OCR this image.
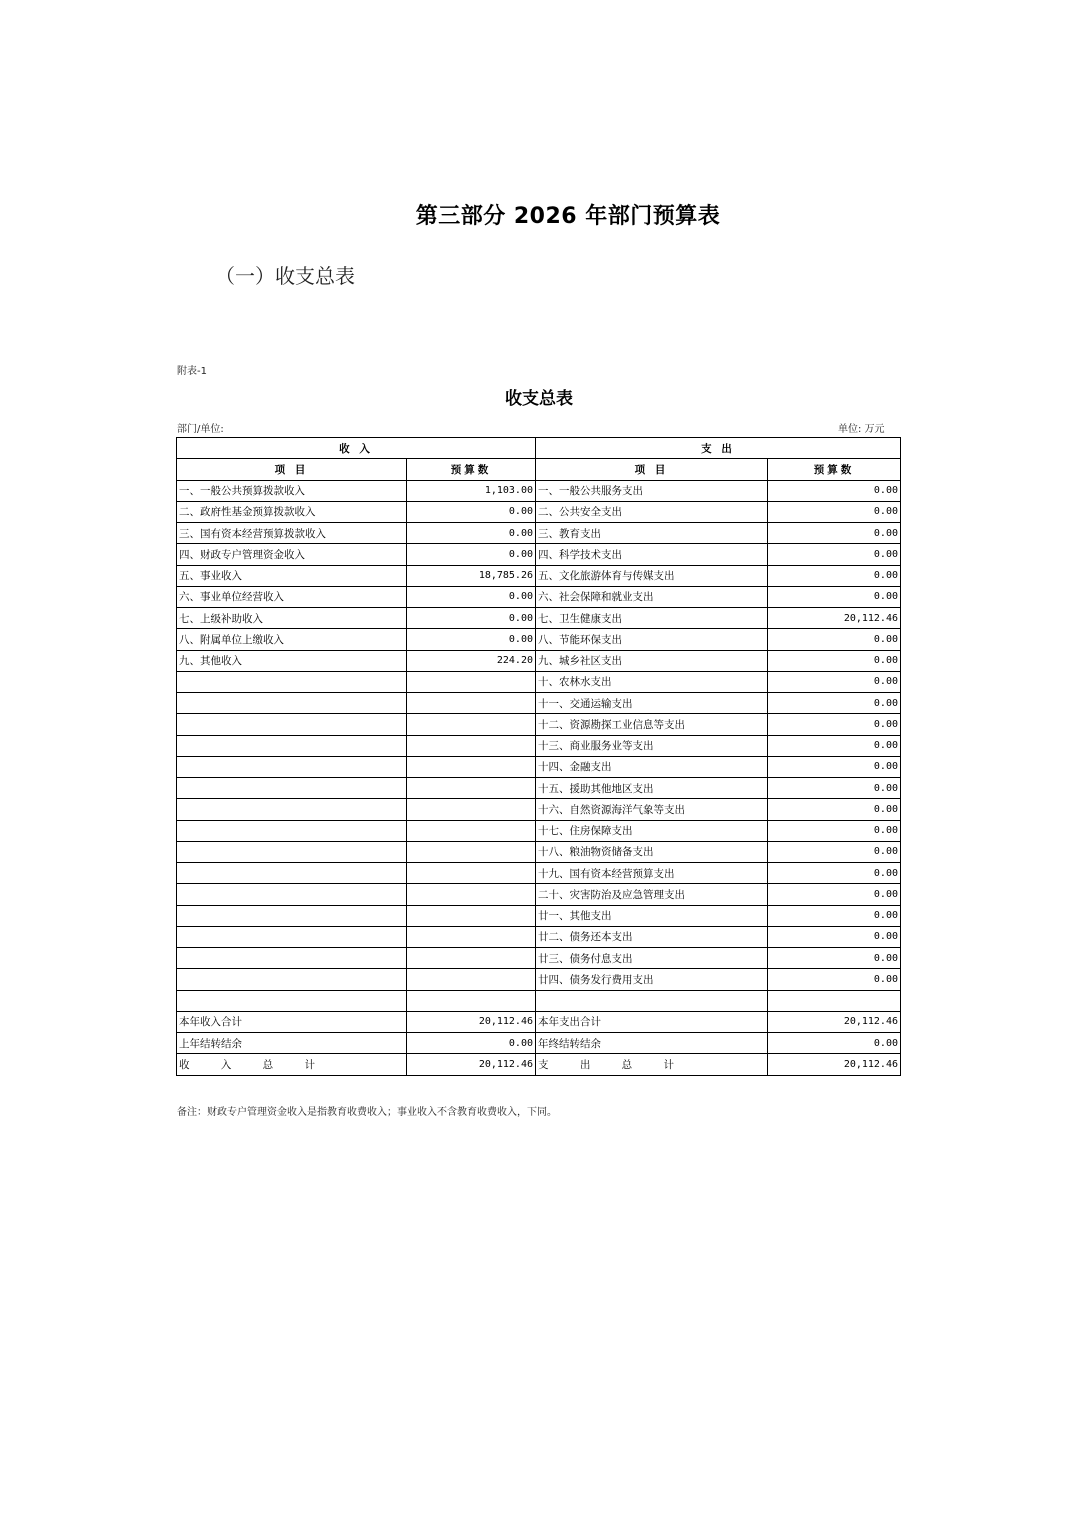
第三部分 2026 年部门预算表
（一）收支总表
附表-1
收支总表
部门/单位:	单位: 万元
收 入		支 出	
项 目	预算数	项 目	预算数
一、一般公共预算拨款收入	1,103.00	一、一般公共服务支出	0.00
二、政府性基金预算拨款收入	0.00	二、公共安全支出	0.00
三、国有资本经营预算拨款收入	0.00	三、教育支出	0.00
四、财政专户管理资金收入	0.00	四、科学技术支出	0.00
五、事业收入	18,785.26	五、文化旅游体育与传媒支出	0.00
六、事业单位经营收入	0.00	六、社会保障和就业支出	0.00
七、上级补助收入	0.00	七、卫生健康支出	20,112.46
八、附属单位上缴收入	0.00	八、节能环保支出	0.00
九、其他收入	224.20	九、城乡社区支出	0.00
		十、农林水支出	0.00
		十一、交通运输支出	0.00
		十二、资源勘探工业信息等支出	0.00
		十三、商业服务业等支出	0.00
		十四、金融支出	0.00
		十五、援助其他地区支出	0.00
		十六、自然资源海洋气象等支出	0.00
		十七、住房保障支出	0.00
		十八、粮油物资储备支出	0.00
		十九、国有资本经营预算支出	0.00
		二十、灾害防治及应急管理支出	0.00
		廿一、其他支出	0.00
		廿二、债务还本支出	0.00
		廿三、债务付息支出	0.00
		廿四、债务发行费用支出	0.00

本年收入合计	20,112.46	本年支出合计	20,112.46
上年结转结余	0.00	年终结转结余	0.00
收 入 总 计	20,112.46	支 出 总 计	20,112.46
备注：财政专户管理资金收入是指教育收费收入；事业收入不含教育收费收入，下同。
